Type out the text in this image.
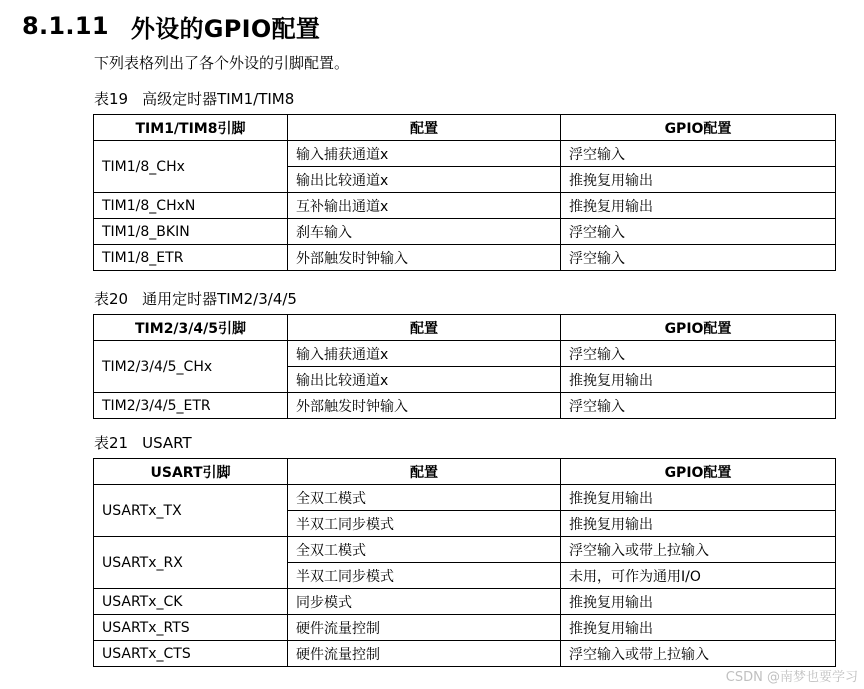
8.1.11 外设的GPIO配置
下列表格列出了各个外设的引脚配置。
表19 高级定时器TIM1/TIM8
TIM1/TIM8引脚	配置	GPIO配置
TIM1/8_CHx	输入捕获通道x	浮空输入
	输出比较通道x	推挽复用输出
TIM1/8_CHxN	互补输出通道x	推挽复用输出
TIM1/8_BKIN	刹车输入	浮空输入
TIM1/8_ETR	外部触发时钟输入	浮空输入
表20 通用定时器TIM2/3/4/5
TIM2/3/4/5引脚	配置	GPIO配置
TIM2/3/4/5_CHx	输入捕获通道x	浮空输入
	输出比较通道x	推挽复用输出
TIM2/3/4/5_ETR	外部触发时钟输入	浮空输入
表21 USART
USART引脚	配置	GPIO配置
USARTx_TX	全双工模式	推挽复用输出
	半双工同步模式	推挽复用输出
USARTx_RX	全双工模式	浮空输入或带上拉输入
	半双工同步模式	未用，可作为通用I/O
USARTx_CK	同步模式	推挽复用输出
USARTx_RTS	硬件流量控制	推挽复用输出
USARTx_CTS	硬件流量控制	浮空输入或带上拉输入
CSDN @南梦也要学习
